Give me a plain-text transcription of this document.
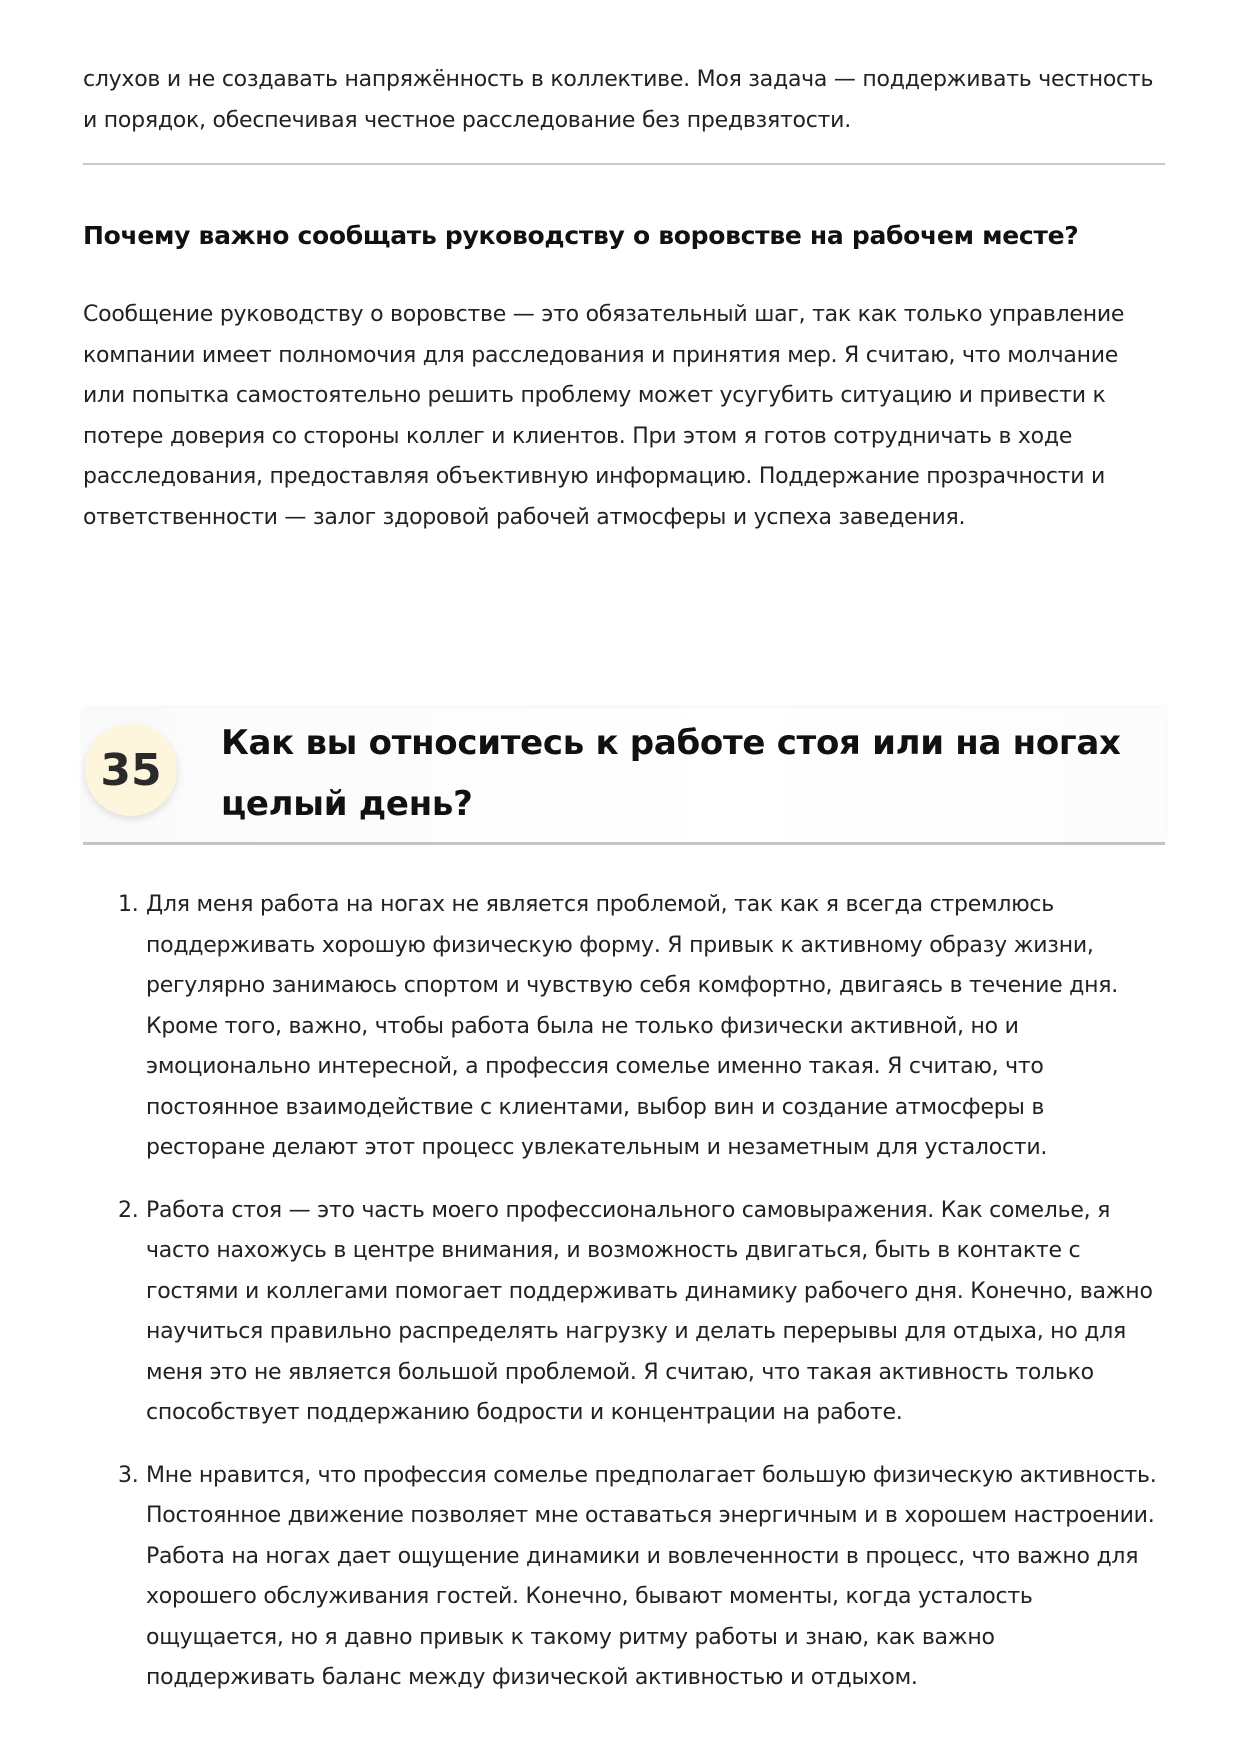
слухов и не создавать напряжённость в коллективе. Моя задача — поддерживать честность и порядок, обеспечивая честное расследование без предвзятости.

Почему важно сообщать руководству о воровстве на рабочем месте?

Сообщение руководству о воровстве — это обязательный шаг, так как только управление компании имеет полномочия для расследования и принятия мер. Я считаю, что молчание или попытка самостоятельно решить проблему может усугубить ситуацию и привести к потере доверия со стороны коллег и клиентов. При этом я готов сотрудничать в ходе расследования, предоставляя объективную информацию. Поддержание прозрачности и ответственности — залог здоровой рабочей атмосферы и успеха заведения.

35
Как вы относитесь к работе стоя или на ногах целый день?
1. Для меня работа на ногах не является проблемой, так как я всегда стремлюсь поддерживать хорошую физическую форму. Я привык к активному образу жизни, регулярно занимаюсь спортом и чувствую себя комфортно, двигаясь в течение дня. Кроме того, важно, чтобы работа была не только физически активной, но и эмоционально интересной, а профессия сомелье именно такая. Я считаю, что постоянное взаимодействие с клиентами, выбор вин и создание атмосферы в ресторане делают этот процесс увлекательным и незаметным для усталости.
2. Работа стоя — это часть моего профессионального самовыражения. Как сомелье, я часто нахожусь в центре внимания, и возможность двигаться, быть в контакте с гостями и коллегами помогает поддерживать динамику рабочего дня. Конечно, важно научиться правильно распределять нагрузку и делать перерывы для отдыха, но для меня это не является большой проблемой. Я считаю, что такая активность только способствует поддержанию бодрости и концентрации на работе.
3. Мне нравится, что профессия сомелье предполагает большую физическую активность. Постоянное движение позволяет мне оставаться энергичным и в хорошем настроении. Работа на ногах дает ощущение динамики и вовлеченности в процесс, что важно для хорошего обслуживания гостей. Конечно, бывают моменты, когда усталость ощущается, но я давно привык к такому ритму работы и знаю, как важно поддерживать баланс между физической активностью и отдыхом.
